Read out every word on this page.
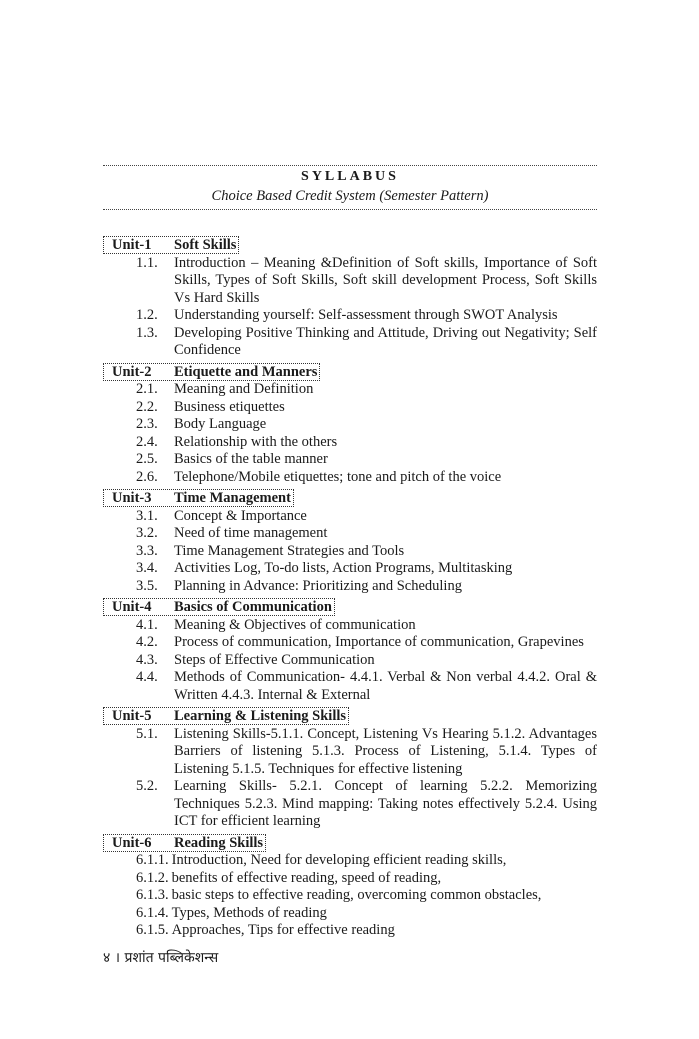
SYLLABUS
Choice Based Credit System (Semester Pattern)
Unit-1 Soft Skills
1.1.	Introduction – Meaning &Definition of Soft skills, Importance of Soft Skills, Types of Soft Skills, Soft skill development Process, Soft Skills Vs Hard Skills
1.2.	Understanding yourself: Self-assessment through SWOT Analysis
1.3.	Developing Positive Thinking and Attitude, Driving out Negativity; Self Confidence
Unit-2 Etiquette and Manners
2.1.	Meaning and Definition
2.2.	Business etiquettes
2.3.	Body Language
2.4.	Relationship with the others
2.5.	Basics of the table manner
2.6.	Telephone/Mobile etiquettes; tone and pitch of the voice
Unit-3 Time Management
3.1.	Concept & Importance
3.2.	Need of time management
3.3.	Time Management Strategies and Tools
3.4.	Activities Log, To-do lists, Action Programs, Multitasking
3.5.	Planning in Advance: Prioritizing and Scheduling
Unit-4 Basics of Communication
4.1.	Meaning & Objectives of communication
4.2.	Process of communication, Importance of communication, Grapevines
4.3.	Steps of Effective Communication
4.4.	Methods of Communication- 4.4.1. Verbal & Non verbal 4.4.2. Oral & Written 4.4.3. Internal & External
Unit-5 Learning & Listening Skills
5.1.	Listening Skills-5.1.1. Concept, Listening Vs Hearing 5.1.2. Advantages Barriers of listening 5.1.3. Process of Listening, 5.1.4. Types of Listening 5.1.5. Techniques for effective listening
5.2.	Learning Skills- 5.2.1. Concept of learning 5.2.2. Memorizing Techniques 5.2.3. Mind mapping: Taking notes effectively 5.2.4. Using ICT for efficient learning
Unit-6 Reading Skills
6.1.1. Introduction, Need for developing efficient reading skills,
6.1.2. benefits of effective reading, speed of reading,
6.1.3. basic steps to effective reading, overcoming common obstacles,
6.1.4. Types, Methods of reading
6.1.5. Approaches, Tips for effective reading
४ । प्रशांत पब्लिकेशन्स
